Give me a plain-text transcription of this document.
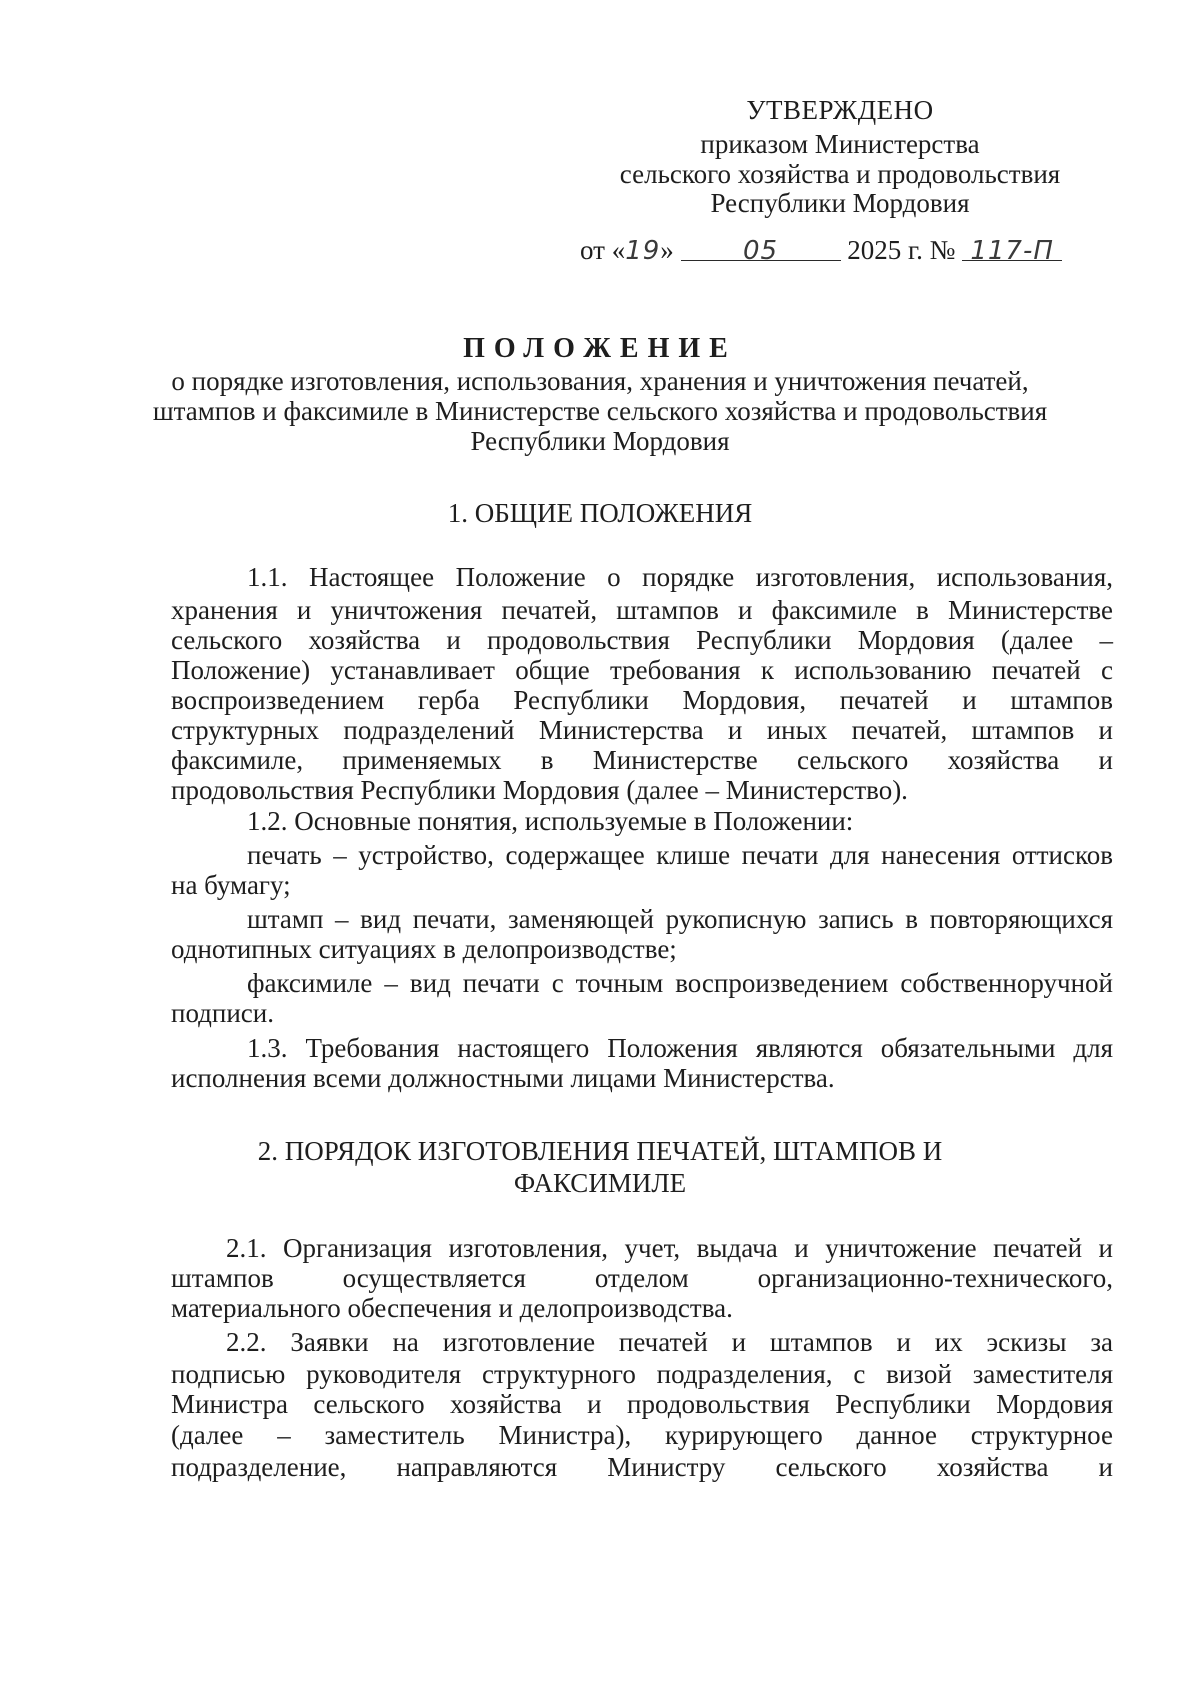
УТВЕРЖДЕНО
приказом Министерства
сельского хозяйства и продовольствия
Республики Мордовия
от «19»	05	2025 г. № 117-П
ПОЛОЖЕНИЕ
о порядке изготовления, использования, хранения и уничтожения печатей,
штампов и факсимиле в Министерстве сельского хозяйства и продовольствия
Республики Мордовия
1. ОБЩИЕ ПОЛОЖЕНИЯ
1.1. Настоящее Положение о порядке изготовления, использования,
хранения и уничтожения печатей, штампов и факсимиле в Министерстве
сельского хозяйства и продовольствия Республики Мордовия (далее –
Положение) устанавливает общие требования к использованию печатей с
воспроизведением герба Республики Мордовия, печатей и штампов
структурных подразделений Министерства и иных печатей, штампов и
факсимиле, применяемых в Министерстве сельского хозяйства и
продовольствия Республики Мордовия (далее – Министерство).
1.2. Основные понятия, используемые в Положении:
печать – устройство, содержащее клише печати для нанесения оттисков
на бумагу;
штамп – вид печати, заменяющей рукописную запись в повторяющихся
однотипных ситуациях в делопроизводстве;
факсимиле – вид печати с точным воспроизведением собственноручной
подписи.
1.3. Требования настоящего Положения являются обязательными для
исполнения всеми должностными лицами Министерства.
2. ПОРЯДОК ИЗГОТОВЛЕНИЯ ПЕЧАТЕЙ, ШТАМПОВ И
ФАКСИМИЛЕ
2.1. Организация изготовления, учет, выдача и уничтожение печатей и
штампов осуществляется отделом организационно-технического,
материального обеспечения и делопроизводства.
2.2. Заявки на изготовление печатей и штампов и их эскизы за
подписью руководителя структурного подразделения, с визой заместителя
Министра сельского хозяйства и продовольствия Республики Мордовия
(далее – заместитель Министра), курирующего данное структурное
подразделение, направляются Министру сельского хозяйства и
